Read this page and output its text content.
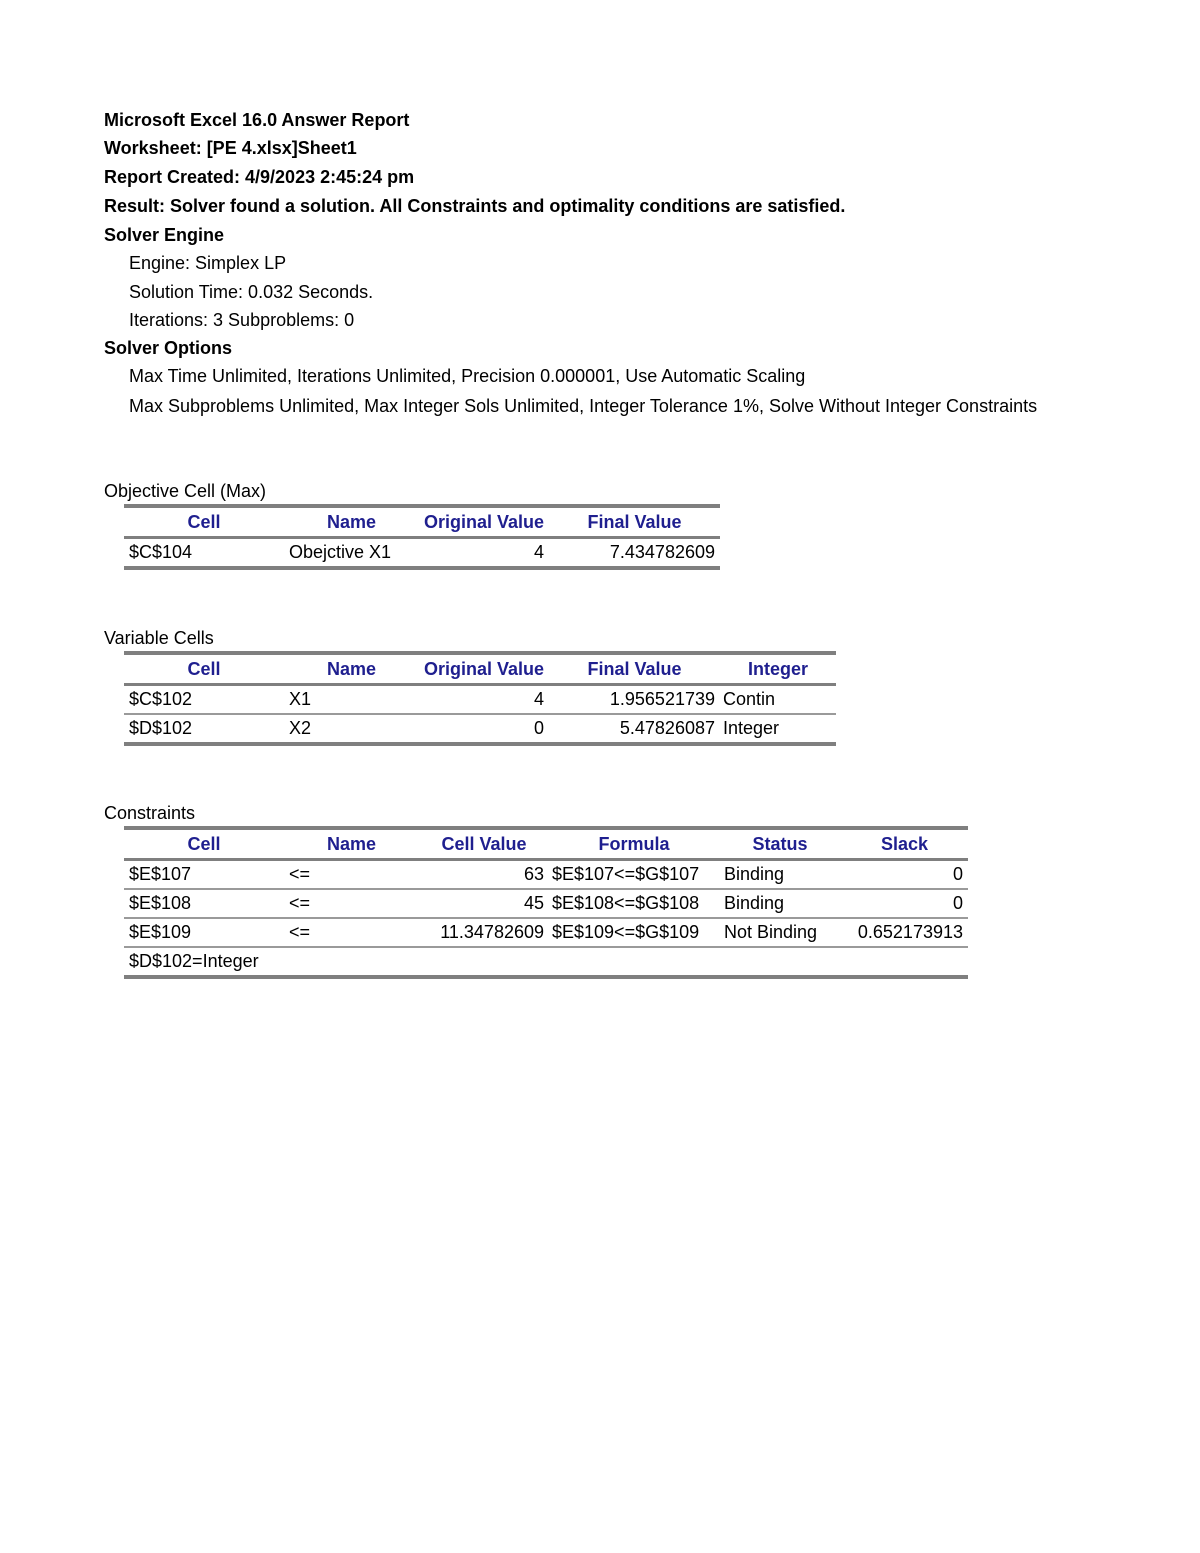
Microsoft Excel 16.0 Answer Report
Worksheet: [PE 4.xlsx]Sheet1
Report Created: 4/9/2023 2:45:24 pm
Result: Solver found a solution. All Constraints and optimality conditions are satisfied.
Solver Engine
Engine: Simplex LP
Solution Time: 0.032 Seconds.
Iterations: 3 Subproblems: 0
Solver Options
Max Time Unlimited, Iterations Unlimited, Precision 0.000001, Use Automatic Scaling
Max Subproblems Unlimited, Max Integer Sols Unlimited, Integer Tolerance 1%, Solve Without Integer Constraints
Objective Cell (Max)
Cell	Name	Original Value	Final Value
$C$104	Obejctive X1	4	7.434782609
Variable Cells
Cell	Name	Original Value	Final Value	Integer
$C$102	X1	4	1.956521739	Contin
$D$102	X2	0	5.47826087	Integer
Constraints
Cell	Name	Cell Value	Formula	Status	Slack
$E$107	<=	63	$E$107<=$G$107	Binding	0
$E$108	<=	45	$E$108<=$G$108	Binding	0
$E$109	<=	11.34782609	$E$109<=$G$109	Not Binding	0.652173913
$D$102=Integer					
